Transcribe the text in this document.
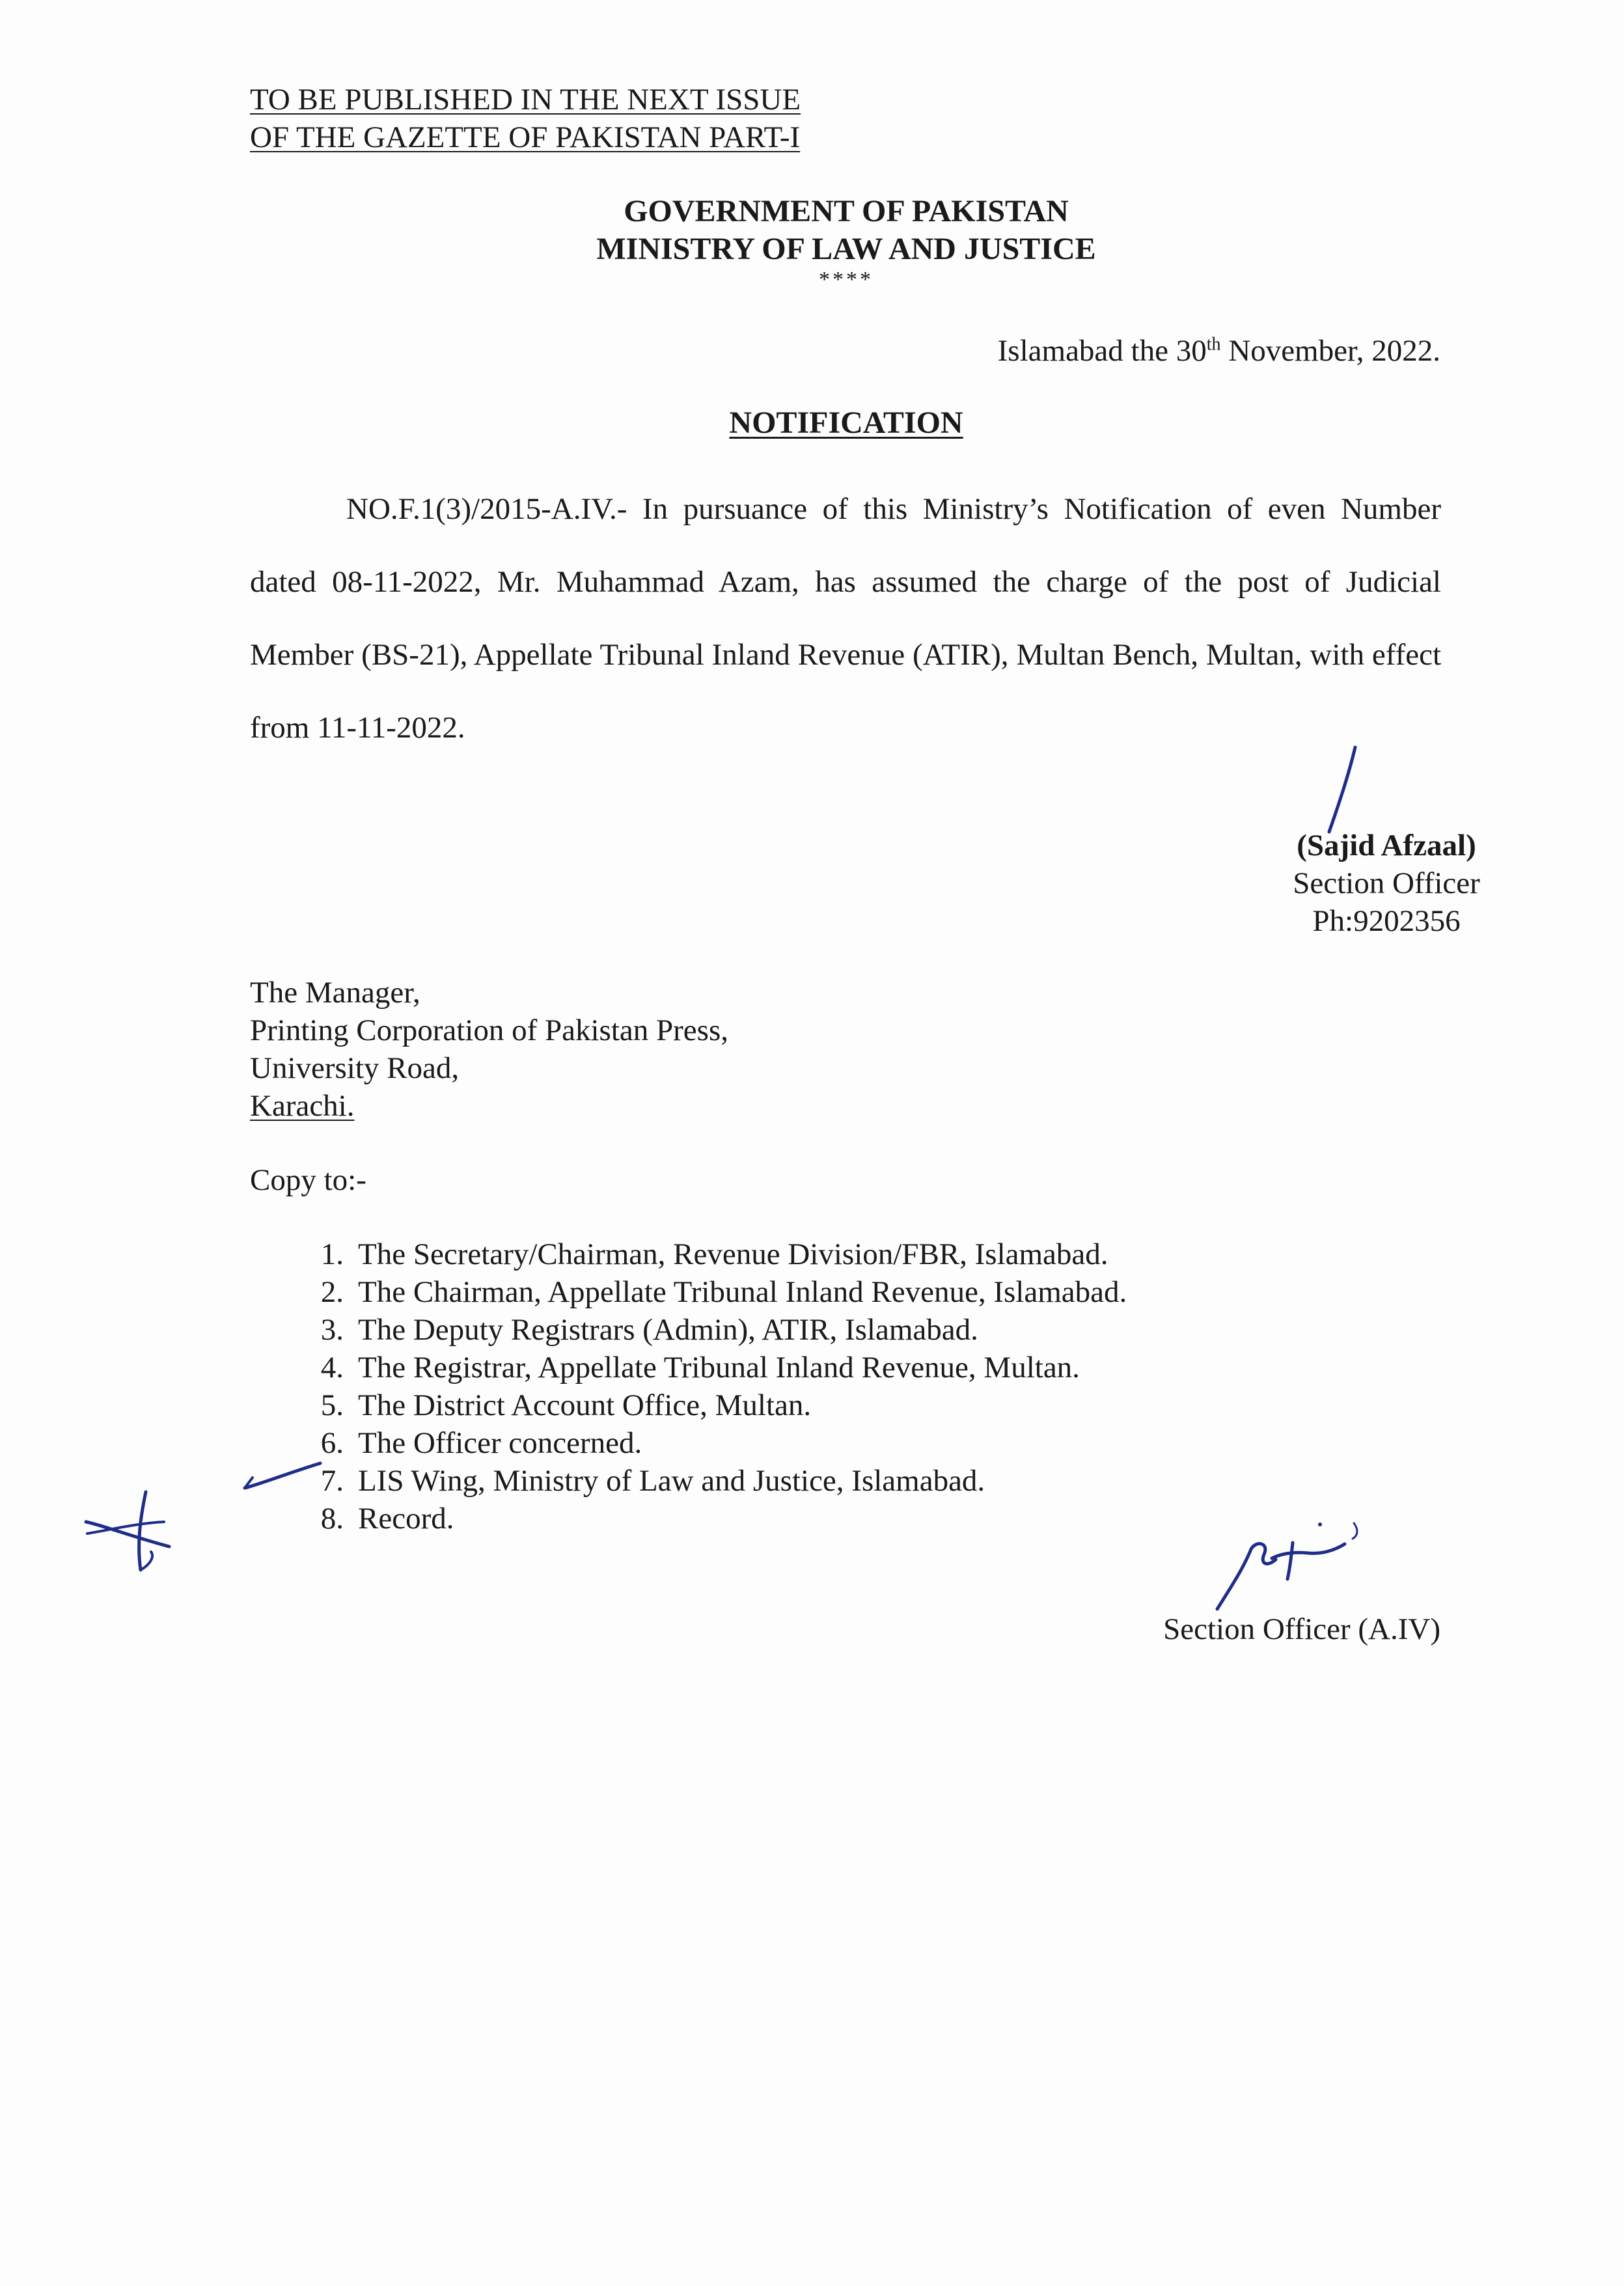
TO BE PUBLISHED IN THE NEXT ISSUE
OF THE GAZETTE OF PAKISTAN PART-I
GOVERNMENT OF PAKISTAN
MINISTRY OF LAW AND JUSTICE
****
Islamabad the 30th November, 2022.
NOTIFICATION
NO.F.1(3)/2015-A.IV.- In pursuance of this Ministry’s Notification of even Number dated 08-11-2022, Mr. Muhammad Azam, has assumed the charge of the post of Judicial Member (BS-21), Appellate Tribunal Inland Revenue (ATIR), Multan Bench, Multan, with effect from 11-11-2022.
(Sajid Afzaal)
Section Officer
Ph:9202356
The Manager,
Printing Corporation of Pakistan Press,
University Road,
Karachi.
Copy to:-
1. The Secretary/Chairman, Revenue Division/FBR, Islamabad.
2. The Chairman, Appellate Tribunal Inland Revenue, Islamabad.
3. The Deputy Registrars (Admin), ATIR, Islamabad.
4. The Registrar, Appellate Tribunal Inland Revenue, Multan.
5. The District Account Office, Multan.
6. The Officer concerned.
7. LIS Wing, Ministry of Law and Justice, Islamabad.
8. Record.
Section Officer (A.IV)
